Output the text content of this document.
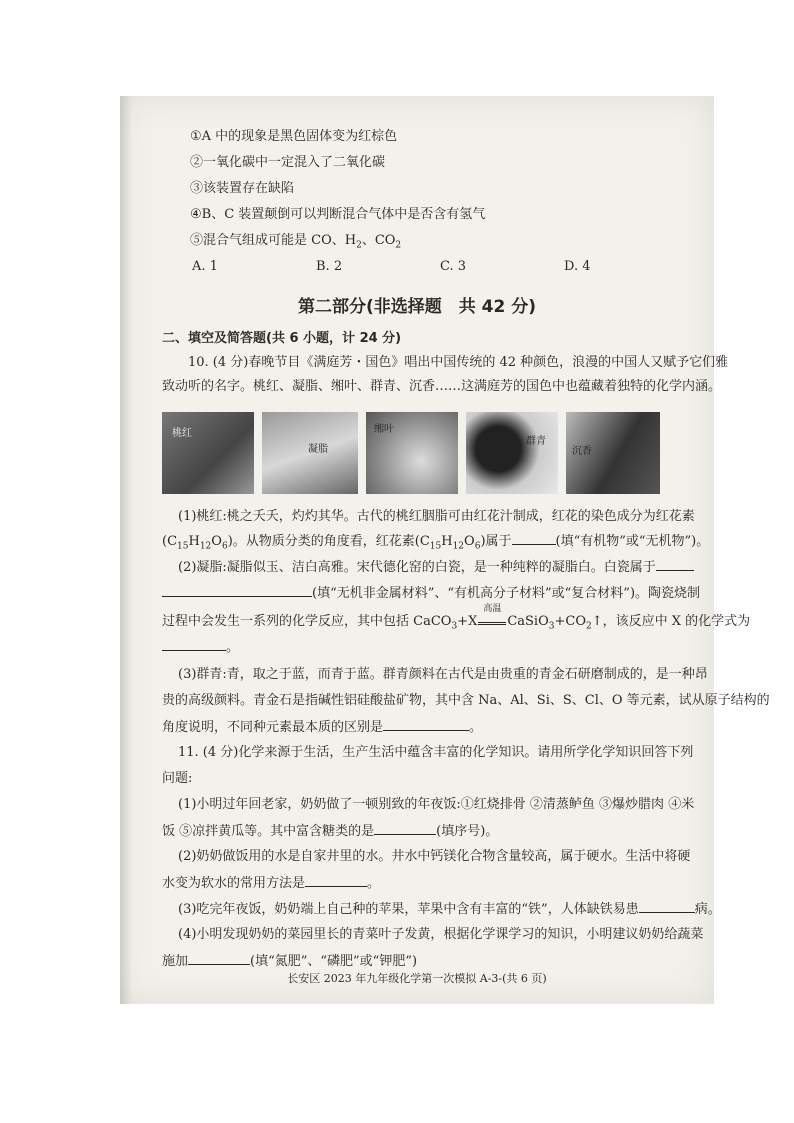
①A 中的现象是黑色固体变为红棕色
②一氧化碳中一定混入了二氧化碳
③该装置存在缺陷
④B、C 装置颠倒可以判断混合气体中是否含有氢气
⑤混合气组成可能是 CO、$H_2$、$CO_2$
A. 1	B. 2	C. 3	D. 4
第二部分(非选择题　共 42 分)
二、填空及简答题(共 6 小题，计 24 分)
10. (4 分)春晚节目《满庭芳・国色》唱出中国传统的 42 种颜色，浪漫的中国人又赋予它们雅
致动听的名字。桃红、凝脂、缃叶、群青、沉香……这满庭芳的国色中也蕴藏着独特的化学内涵。
桃红
凝脂
缃叶
群青
沉香
(1)桃红:桃之夭夭，灼灼其华。古代的桃红胭脂可由红花汁制成，红花的染色成分为红花素
$(C_{15}H_{12}O_6)$。从物质分类的角度看，红花素$(C_{15}H_{12}O_6)$属于	(填“有机物”或“无机物”)。
(2)凝脂:凝脂似玉、洁白高雅。宋代德化窑的白瓷，是一种纯粹的凝脂白。白瓷属于
(填“无机非金属材料”、“有机高分子材料”或“复合材料”)。陶瓷烧制
过程中会发生一系列的化学反应，其中包括 CaCO$_3$+X
高温
$CaSiO_3+CO_2↑$，该反应中 X 的化学式为
。
(3)群青:青，取之于蓝，而青于蓝。群青颜料在古代是由贵重的青金石研磨制成的，是一种昂
贵的高级颜料。青金石是指碱性铝硅酸盐矿物，其中含 Na、Al、Si、S、Cl、O 等元素，试从原子结构的
角度说明，不同种元素最本质的区别是	。
11. (4 分)化学来源于生活，生产生活中蕴含丰富的化学知识。请用所学化学知识回答下列
问题:
(1)小明过年回老家，奶奶做了一顿别致的年夜饭:①红烧排骨 ②清蒸鲈鱼 ③爆炒腊肉 ④米
饭 ⑤凉拌黄瓜等。其中富含糖类的是	(填序号)。
(2)奶奶做饭用的水是自家井里的水。井水中钙镁化合物含量较高，属于硬水。生活中将硬
水变为软水的常用方法是	。
(3)吃完年夜饭，奶奶端上自己种的苹果，苹果中含有丰富的“铁”，人体缺铁易患	病。
(4)小明发现奶奶的菜园里长的青菜叶子发黄，根据化学课学习的知识，小明建议奶奶给蔬菜
施加	(填“氮肥”、“磷肥”或“钾肥”)
长安区 2023 年九年级化学第一次模拟 A-3-(共 6 页)
